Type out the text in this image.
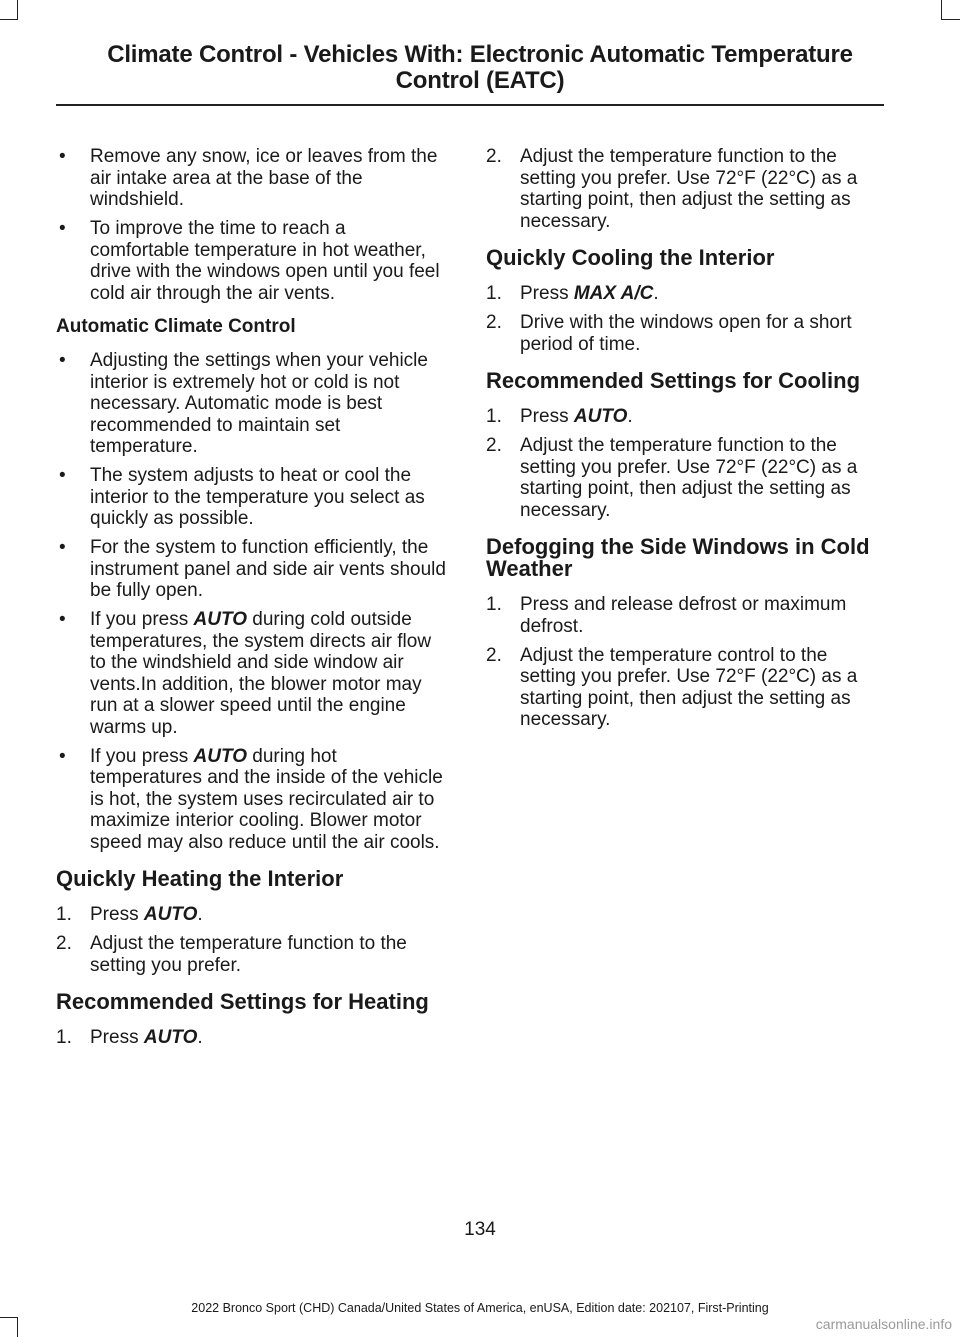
Climate Control - Vehicles With: Electronic Automatic Temperature
Control (EATC)
• Remove any snow, ice or leaves from the air intake area at the base of the windshield.
• To improve the time to reach a comfortable temperature in hot weather, drive with the windows open until you feel cold air through the air vents.
Automatic Climate Control
• Adjusting the settings when your vehicle interior is extremely hot or cold is not necessary. Automatic mode is best recommended to maintain set temperature.
• The system adjusts to heat or cool the interior to the temperature you select as quickly as possible.
• For the system to function efficiently, the instrument panel and side air vents should be fully open.
• If you press AUTO during cold outside temperatures, the system directs air flow to the windshield and side window air vents.In addition, the blower motor may run at a slower speed until the engine warms up.
• If you press AUTO during hot temperatures and the inside of the vehicle is hot, the system uses recirculated air to maximize interior cooling. Blower motor speed may also reduce until the air cools.
Quickly Heating the Interior
1. Press AUTO.
2. Adjust the temperature function to the setting you prefer.
Recommended Settings for Heating
1. Press AUTO.
2. Adjust the temperature function to the setting you prefer. Use 72°F (22°C) as a starting point, then adjust the setting as necessary.
Quickly Cooling the Interior
1. Press MAX A/C.
2. Drive with the windows open for a short period of time.
Recommended Settings for Cooling
1. Press AUTO.
2. Adjust the temperature function to the setting you prefer. Use 72°F (22°C) as a starting point, then adjust the setting as necessary.
Defogging the Side Windows in Cold Weather
1. Press and release defrost or maximum defrost.
2. Adjust the temperature control to the setting you prefer. Use 72°F (22°C) as a starting point, then adjust the setting as necessary.
134
2022 Bronco Sport (CHD) Canada/United States of America, enUSA, Edition date: 202107, First-Printing
carmanualsonline.info
